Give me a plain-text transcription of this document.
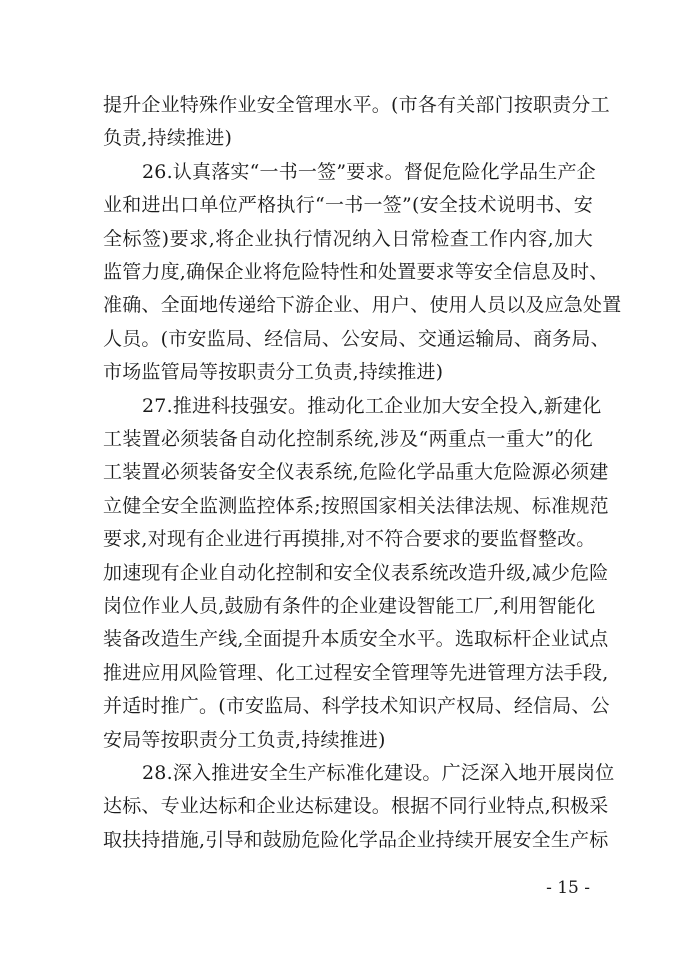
提升企业特殊作业安全管理水平。(市各有关部门按职责分工
负责,持续推进)
26.认真落实“一书一签”要求。督促危险化学品生产企
业和进出口单位严格执行“一书一签”(安全技术说明书、安
全标签)要求,将企业执行情况纳入日常检查工作内容,加大
监管力度,确保企业将危险特性和处置要求等安全信息及时、
准确、全面地传递给下游企业、用户、使用人员以及应急处置
人员。(市安监局、经信局、公安局、交通运输局、商务局、
市场监管局等按职责分工负责,持续推进)
27.推进科技强安。推动化工企业加大安全投入,新建化
工装置必须装备自动化控制系统,涉及“两重点一重大”的化
工装置必须装备安全仪表系统,危险化学品重大危险源必须建
立健全安全监测监控体系;按照国家相关法律法规、标准规范
要求,对现有企业进行再摸排,对不符合要求的要监督整改。
加速现有企业自动化控制和安全仪表系统改造升级,减少危险
岗位作业人员,鼓励有条件的企业建设智能工厂,利用智能化
装备改造生产线,全面提升本质安全水平。选取标杆企业试点
推进应用风险管理、化工过程安全管理等先进管理方法手段,
并适时推广。(市安监局、科学技术知识产权局、经信局、公
安局等按职责分工负责,持续推进)
28.深入推进安全生产标准化建设。广泛深入地开展岗位
达标、专业达标和企业达标建设。根据不同行业特点,积极采
取扶持措施,引导和鼓励危险化学品企业持续开展安全生产标
- 15 -
